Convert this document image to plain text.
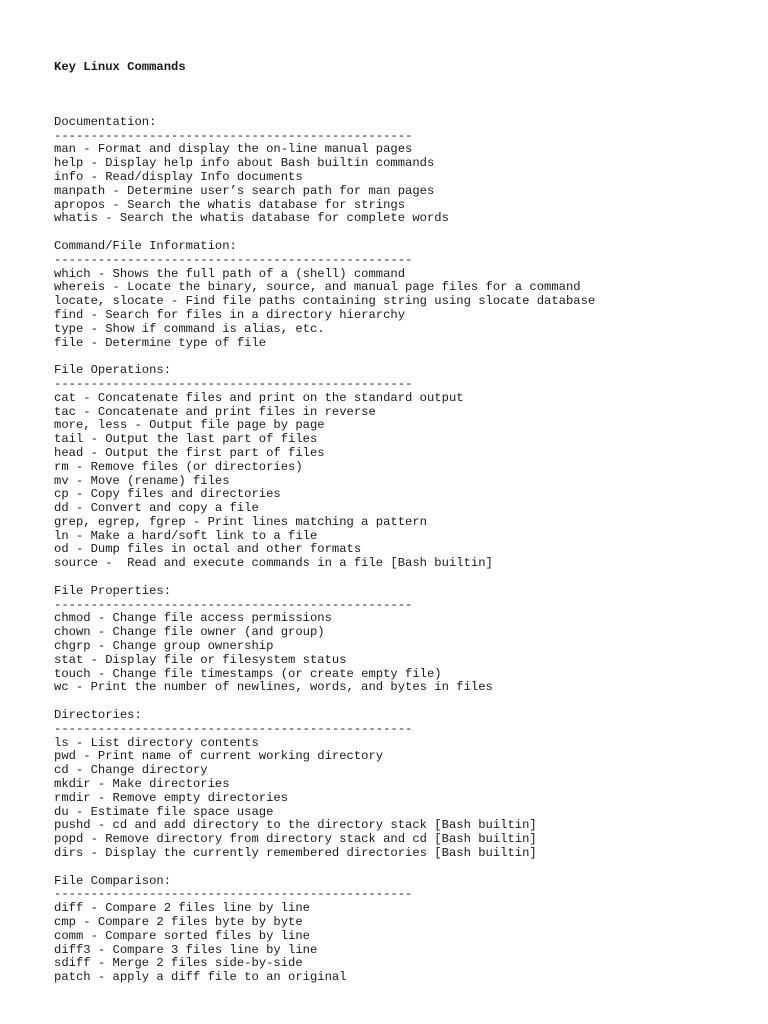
Key Linux Commands

Documentation:
-------------------------------------------------
man - Format and display the on-line manual pages
help - Display help info about Bash builtin commands
info - Read/display Info documents
manpath - Determine user’s search path for man pages
apropos - Search the whatis database for strings
whatis - Search the whatis database for complete words
Command/File Information:
-------------------------------------------------
which - Shows the full path of a (shell) command
whereis - Locate the binary, source, and manual page files for a command
locate, slocate - Find file paths containing string using slocate database
find - Search for files in a directory hierarchy
type - Show if command is alias, etc.
file - Determine type of file
File Operations:
-------------------------------------------------
cat - Concatenate files and print on the standard output
tac - Concatenate and print files in reverse
more, less - Output file page by page
tail - Output the last part of files
head - Output the first part of files
rm - Remove files (or directories)
mv - Move (rename) files
cp - Copy files and directories
dd - Convert and copy a file
grep, egrep, fgrep - Print lines matching a pattern
ln - Make a hard/soft link to a file
od - Dump files in octal and other formats
source -  Read and execute commands in a file [Bash builtin]
File Properties:
-------------------------------------------------
chmod - Change file access permissions
chown - Change file owner (and group)
chgrp - Change group ownership
stat - Display file or filesystem status
touch - Change file timestamps (or create empty file)
wc - Print the number of newlines, words, and bytes in files
Directories:
-------------------------------------------------
ls - List directory contents
pwd - Print name of current working directory
cd - Change directory
mkdir - Make directories
rmdir - Remove empty directories
du - Estimate file space usage
pushd - cd and add directory to the directory stack [Bash builtin]
popd - Remove directory from directory stack and cd [Bash builtin]
dirs - Display the currently remembered directories [Bash builtin]
File Comparison:
-------------------------------------------------
diff - Compare 2 files line by line
cmp - Compare 2 files byte by byte
comm - Compare sorted files by line
diff3 - Compare 3 files line by line
sdiff - Merge 2 files side-by-side
patch - apply a diff file to an original
